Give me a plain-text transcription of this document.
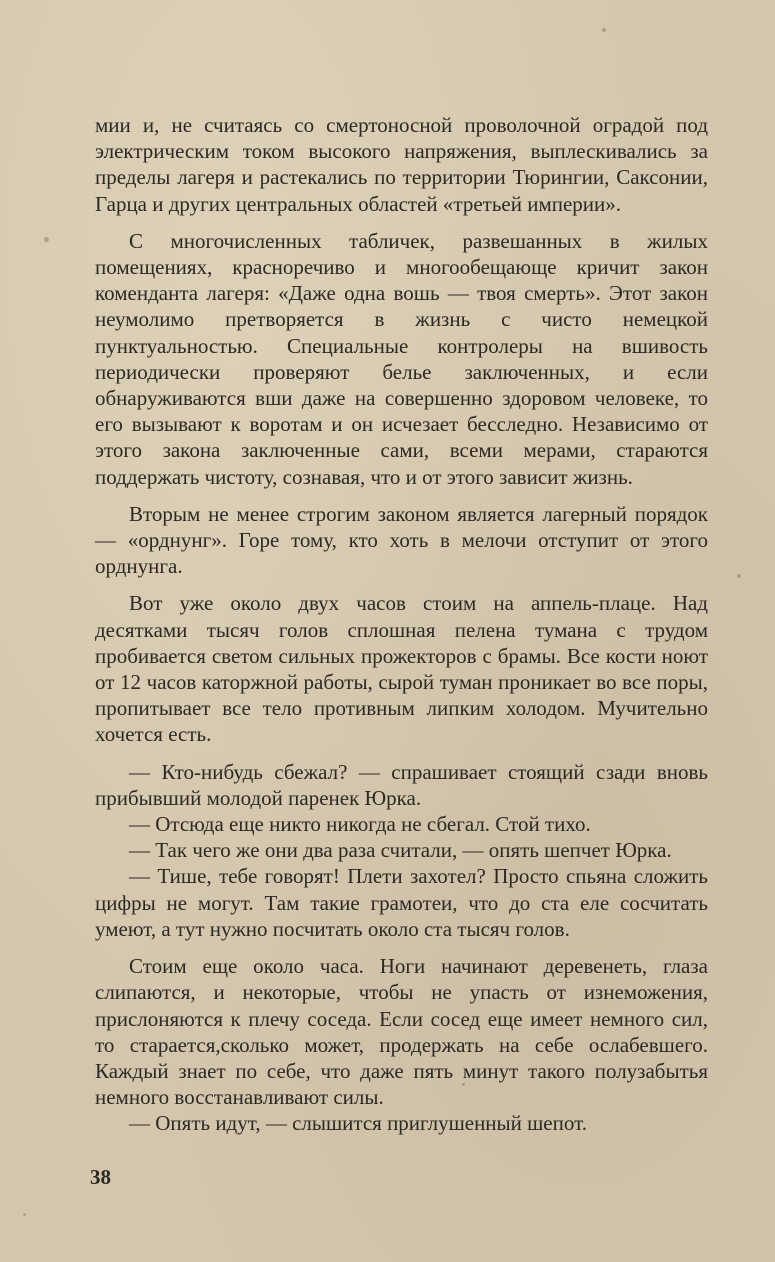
мии и, не считаясь со смертоносной проволочной оградой под электрическим током высокого напряжения, выплескивались за пределы лагеря и растекались по территории Тюрингии, Саксонии, Гарца и других центральных областей «третьей империи».

С многочисленных табличек, развешанных в жилых помещениях, красноречиво и многообещающе кричит закон коменданта лагеря: «Даже одна вошь — твоя смерть». Этот закон неумолимо претворяется в жизнь с чисто немецкой пунктуальностью. Специальные контролеры на вшивость периодически проверяют белье заключенных, и если обнаруживаются вши даже на совершенно здоровом человеке, то его вызывают к воротам и он исчезает бесследно. Независимо от этого закона заключенные сами, всеми мерами, стараются поддержать чистоту, сознавая, что и от этого зависит жизнь.

Вторым не менее строгим законом является лагерный порядок — «орднунг». Горе тому, кто хоть в мелочи отступит от этого орднунга.

Вот уже около двух часов стоим на аппель-плаце. Над десятками тысяч голов сплошная пелена тумана с трудом пробивается светом сильных прожекторов с брамы. Все кости ноют от 12 часов каторжной работы, сырой туман проникает во все поры, пропитывает все тело противным липким холодом. Мучительно хочется есть.

— Кто-нибудь сбежал? — спрашивает стоящий сзади вновь прибывший молодой паренек Юрка.

— Отсюда еще никто никогда не сбегал. Стой тихо.

— Так чего же они два раза считали, — опять шепчет Юрка.

— Тише, тебе говорят! Плети захотел? Просто спьяна сложить цифры не могут. Там такие грамотеи, что до ста еле сосчитать умеют, а тут нужно посчитать около ста тысяч голов.

Стоим еще около часа. Ноги начинают деревенеть, глаза слипаются, и некоторые, чтобы не упасть от изнеможения, прислоняются к плечу соседа. Если сосед еще имеет немного сил, то старается,сколько может, продержать на себе ослабевшего. Каждый знает по себе, что даже пять минут такого полузабытья немного восстанавливают силы.

— Опять идут, — слышится приглушенный шепот.

38
